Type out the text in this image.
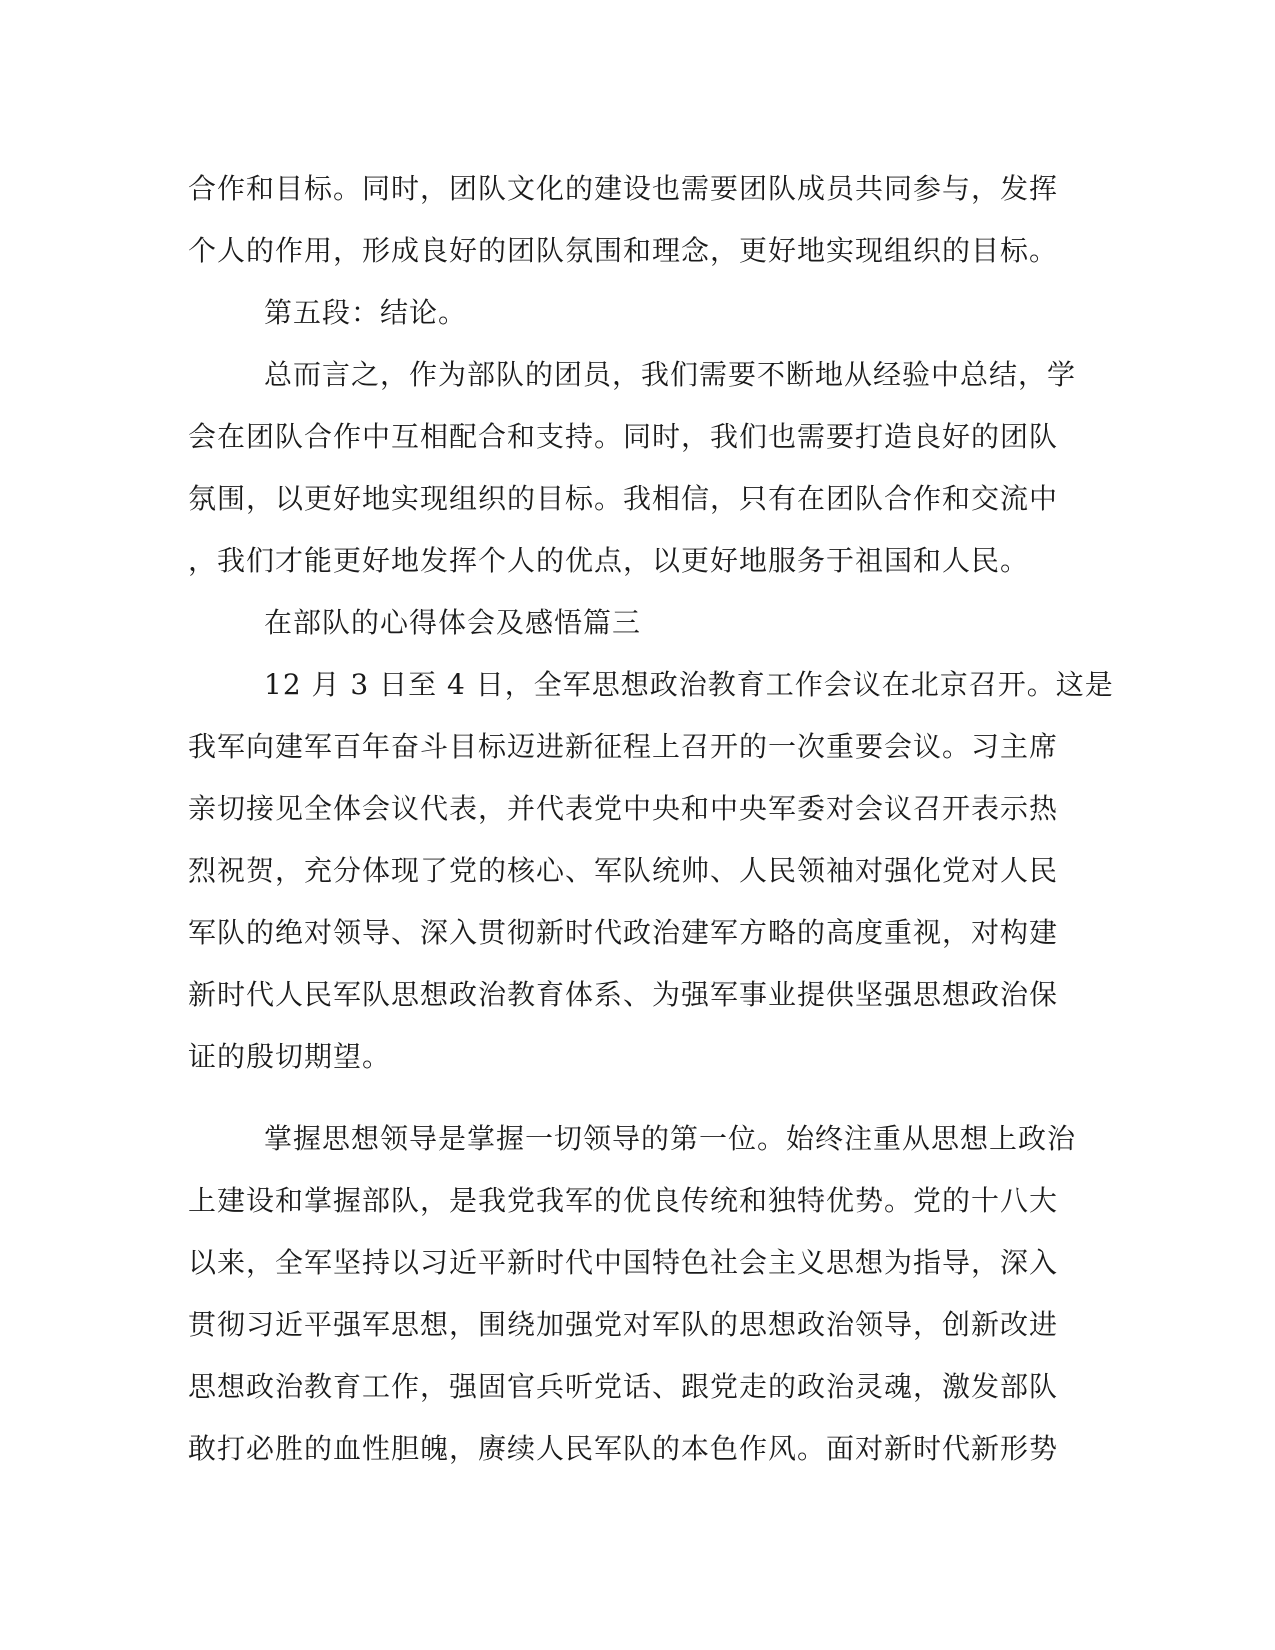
合作和目标。同时，团队文化的建设也需要团队成员共同参与，发挥
个人的作用，形成良好的团队氛围和理念，更好地实现组织的目标。
第五段：结论。
总而言之，作为部队的团员，我们需要不断地从经验中总结，学
会在团队合作中互相配合和支持。同时，我们也需要打造良好的团队
氛围，以更好地实现组织的目标。我相信，只有在团队合作和交流中
，我们才能更好地发挥个人的优点，以更好地服务于祖国和人民。
在部队的心得体会及感悟篇三
12 月 3 日至 4 日，全军思想政治教育工作会议在北京召开。这是
我军向建军百年奋斗目标迈进新征程上召开的一次重要会议。习主席
亲切接见全体会议代表，并代表党中央和中央军委对会议召开表示热
烈祝贺，充分体现了党的核心、军队统帅、人民领袖对强化党对人民
军队的绝对领导、深入贯彻新时代政治建军方略的高度重视，对构建
新时代人民军队思想政治教育体系、为强军事业提供坚强思想政治保
证的殷切期望。
掌握思想领导是掌握一切领导的第一位。始终注重从思想上政治
上建设和掌握部队，是我党我军的优良传统和独特优势。党的十八大
以来，全军坚持以习近平新时代中国特色社会主义思想为指导，深入
贯彻习近平强军思想，围绕加强党对军队的思想政治领导，创新改进
思想政治教育工作，强固官兵听党话、跟党走的政治灵魂，激发部队
敢打必胜的血性胆魄，赓续人民军队的本色作风。面对新时代新形势
